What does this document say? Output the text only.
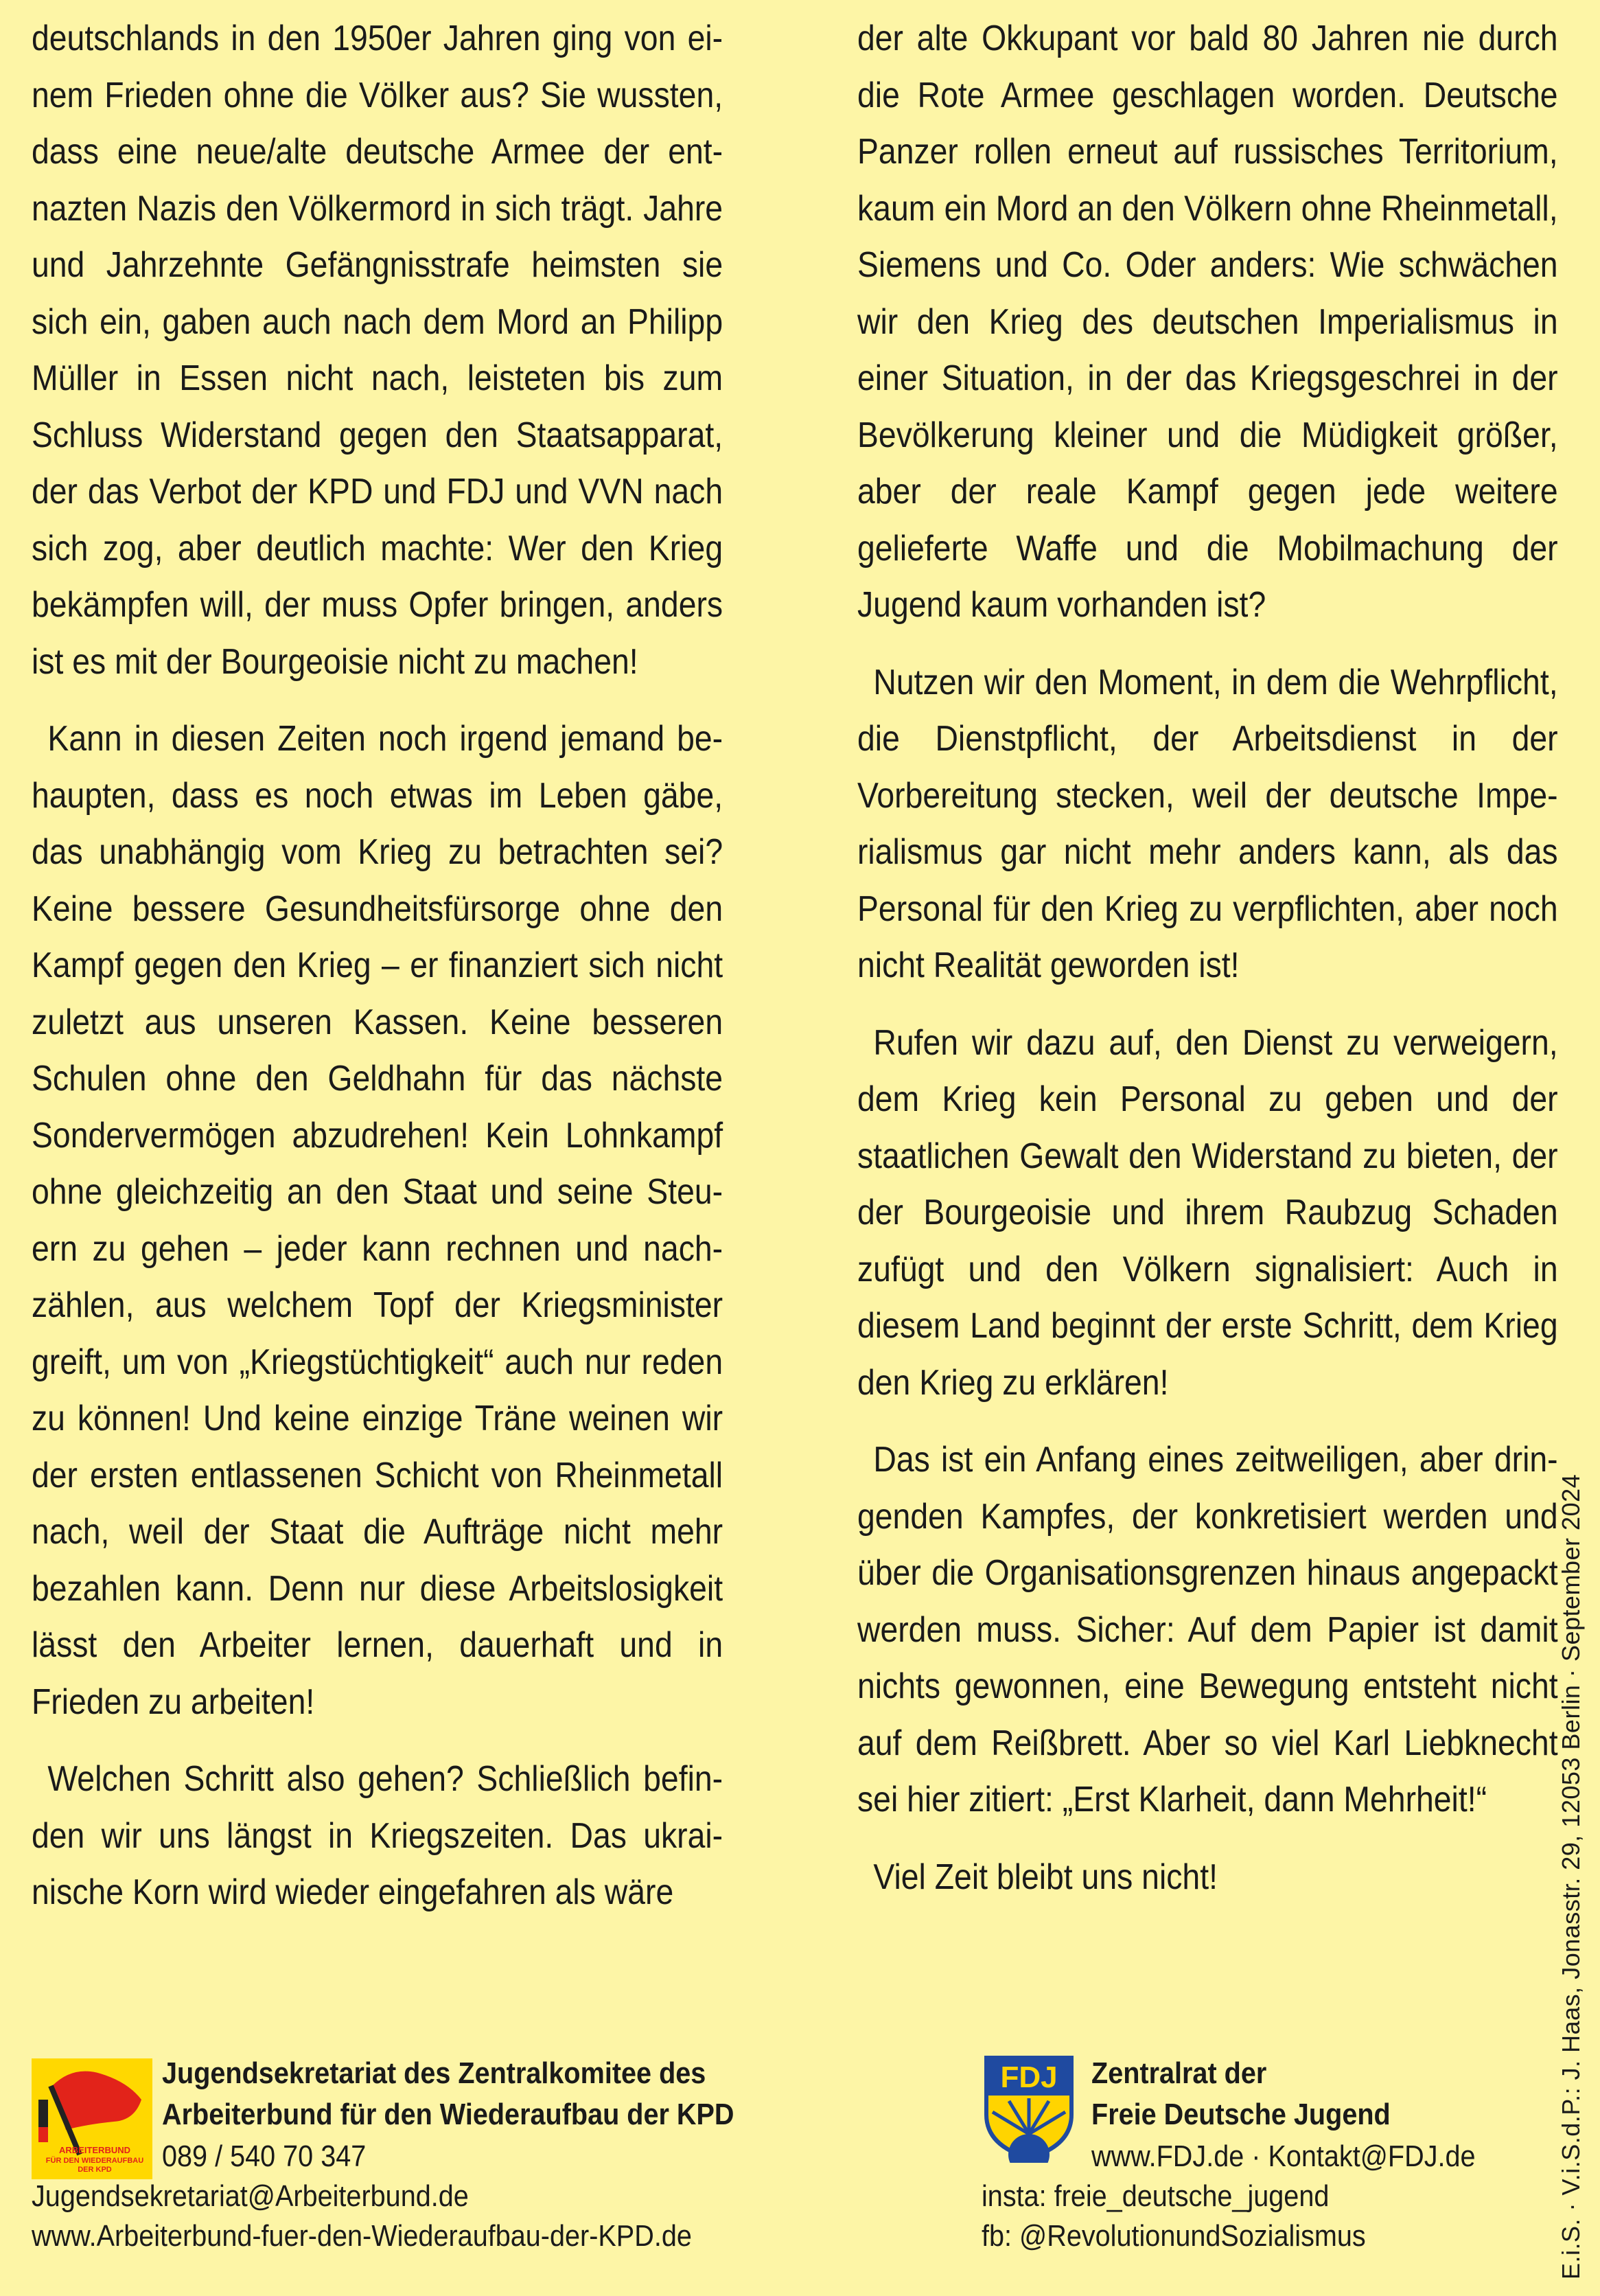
deutschlands in den 1950er Jahren ging von einem Frieden ohne die Völker aus? Sie wussten, dass eine neue/alte deutsche Armee der entnazten Nazis den Völkermord in sich trägt. Jahre und Jahrzehnte Gefängnisstrafe heimsten sie sich ein, gaben auch nach dem Mord an Philipp Müller in Essen nicht nach, leisteten bis zum Schluss Widerstand gegen den Staatsapparat, der das Verbot der KPD und FDJ und VVN nach sich zog, aber deutlich machte: Wer den Krieg bekämpfen will, der muss Opfer bringen, anders ist es mit der Bourgeoisie nicht zu machen!

Kann in diesen Zeiten noch irgend jemand behaupten, dass es noch etwas im Leben gäbe, das unabhängig vom Krieg zu betrachten sei? Keine bessere Gesundheitsfürsorge ohne den Kampf gegen den Krieg – er finanziert sich nicht zuletzt aus unseren Kassen. Keine besseren Schulen ohne den Geldhahn für das nächste Sondervermögen abzudrehen! Kein Lohnkampf ohne gleichzeitig an den Staat und seine Steuern zu gehen – jeder kann rechnen und nachzählen, aus welchem Topf der Kriegsminister greift, um von „Kriegstüchtigkeit“ auch nur reden zu können! Und keine einzige Träne weinen wir der ersten entlassenen Schicht von Rheinmetall nach, weil der Staat die Aufträge nicht mehr bezahlen kann. Denn nur diese Arbeitslosigkeit lässt den Arbeiter lernen, dauerhaft und in Frieden zu arbeiten!

Welchen Schritt also gehen? Schließlich befinden wir uns längst in Kriegszeiten. Das ukrainische Korn wird wieder eingefahren als wäre

der alte Okkupant vor bald 80 Jahren nie durch die Rote Armee geschlagen worden. Deutsche Panzer rollen erneut auf russisches Territorium, kaum ein Mord an den Völkern ohne Rheinmetall, Siemens und Co. Oder anders: Wie schwächen wir den Krieg des deutschen Imperialismus in einer Situation, in der das Kriegsgeschrei in der Bevölkerung kleiner und die Müdigkeit größer, aber der reale Kampf gegen jede weitere gelieferte Waffe und die Mobilmachung der Jugend kaum vorhanden ist?

Nutzen wir den Moment, in dem die Wehrpflicht, die Dienstpflicht, der Arbeitsdienst in der Vorbereitung stecken, weil der deutsche Imperialismus gar nicht mehr anders kann, als das Personal für den Krieg zu verpflichten, aber noch nicht Realität geworden ist!

Rufen wir dazu auf, den Dienst zu verweigern, dem Krieg kein Personal zu geben und der staatlichen Gewalt den Widerstand zu bieten, der der Bourgeoisie und ihrem Raubzug Schaden zufügt und den Völkern signalisiert: Auch in diesem Land beginnt der erste Schritt, dem Krieg den Krieg zu erklären!

Das ist ein Anfang eines zeitweiligen, aber dringenden Kampfes, der konkretisiert werden und über die Organisationsgrenzen hinaus angepackt werden muss. Sicher: Auf dem Papier ist damit nichts gewonnen, eine Bewegung entsteht nicht auf dem Reißbrett. Aber so viel Karl Liebknecht sei hier zitiert: „Erst Klarheit, dann Mehrheit!“

Viel Zeit bleibt uns nicht!

ARBEITERBUND
FÜR DEN WIEDERAUFBAU
DER KPD
Jugendsekretariat des Zentralkomitee des
Arbeiterbund für den Wiederaufbau der KPD
089 / 540 70 347
Jugendsekretariat@Arbeiterbund.de
www.Arbeiterbund-fuer-den-Wiederaufbau-der-KPD.de
FDJ Zentralrat der
Freie Deutsche Jugend
www.FDJ.de · Kontakt@FDJ.de
insta: freie_deutsche_jugend
fb: @RevolutionundSozialismus	E.i.S. · V.i.S.d.P.: J. Haas, Jonasstr. 29, 12053 Berlin · September 2024
